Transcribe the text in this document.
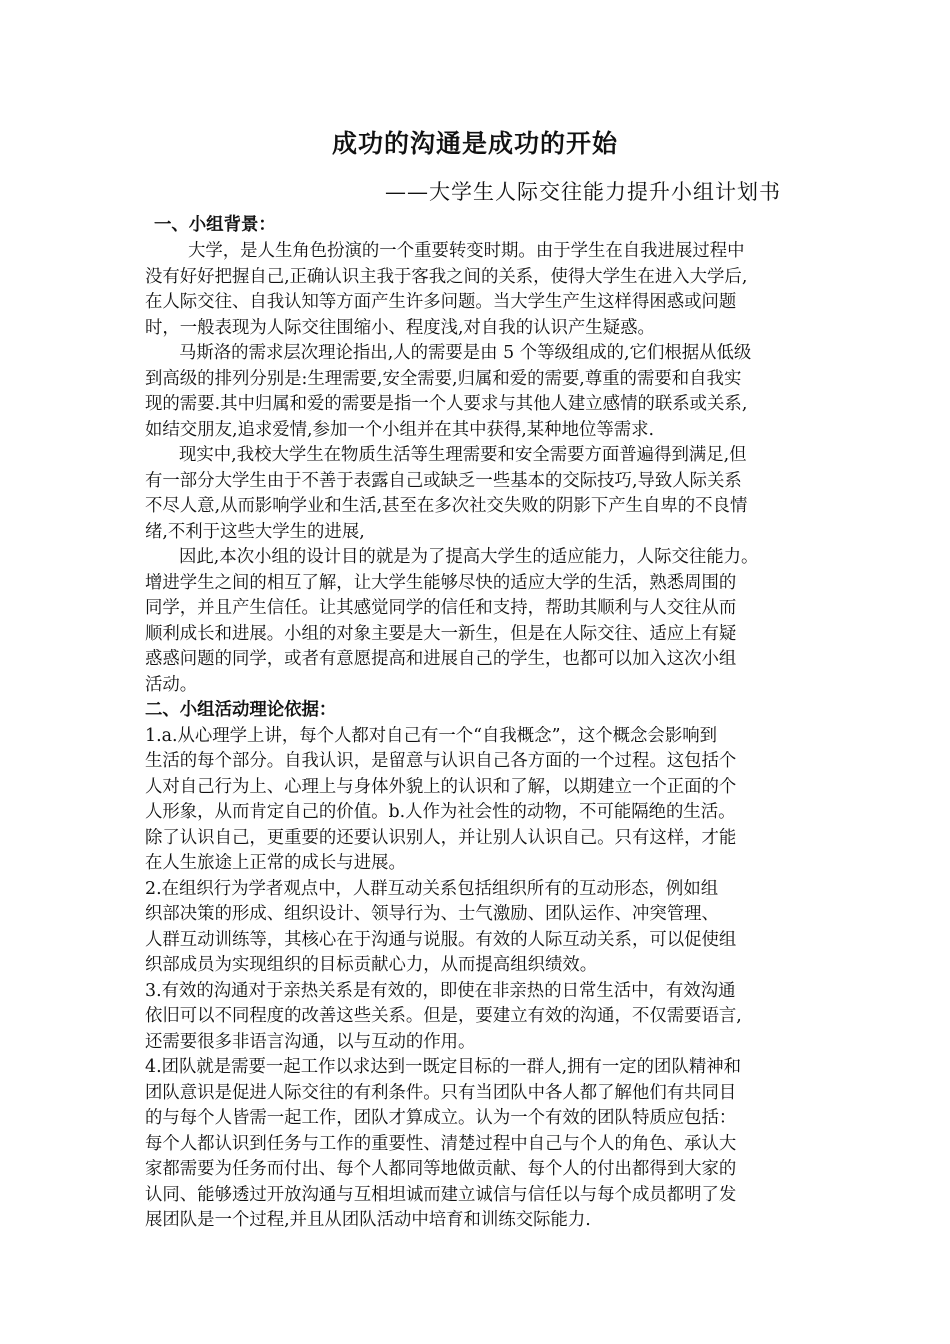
成功的沟通是成功的开始
——大学生人际交往能力提升小组计划书
一、小组背景：
大学，是人生角色扮演的一个重要转变时期。由于学生在自我进展过程中
没有好好把握自己,正确认识主我于客我之间的关系，使得大学生在进入大学后,
在人际交往、自我认知等方面产生许多问题。当大学生产生这样得困惑或问题
时，一般表现为人际交往围缩小、程度浅,对自我的认识产生疑惑。
马斯洛的需求层次理论指出,人的需要是由 5 个等级组成的,它们根据从低级
到高级的排列分别是:生理需要,安全需要,归属和爱的需要,尊重的需要和自我实
现的需要.其中归属和爱的需要是指一个人要求与其他人建立感情的联系或关系,
如结交朋友,追求爱情,参加一个小组并在其中获得,某种地位等需求.
现实中,我校大学生在物质生活等生理需要和安全需要方面普遍得到满足,但
有一部分大学生由于不善于表露自己或缺乏一些基本的交际技巧,导致人际关系
不尽人意,从而影响学业和生活,甚至在多次社交失败的阴影下产生自卑的不良情
绪,不利于这些大学生的进展,
因此,本次小组的设计目的就是为了提高大学生的适应能力，人际交往能力。
增进学生之间的相互了解，让大学生能够尽快的适应大学的生活，熟悉周围的
同学，并且产生信任。让其感觉同学的信任和支持，帮助其顺利与人交往从而
顺利成长和进展。小组的对象主要是大一新生，但是在人际交往、适应上有疑
惑惑问题的同学，或者有意愿提高和进展自己的学生，也都可以加入这次小组
活动。
二、小组活动理论依据：
1.a.从心理学上讲，每个人都对自己有一个“自我概念”，这个概念会影响到
生活的每个部分。自我认识，是留意与认识自己各方面的一个过程。这包括个
人对自己行为上、心理上与身体外貌上的认识和了解，以期建立一个正面的个
人形象，从而肯定自己的价值。b.人作为社会性的动物，不可能隔绝的生活。
除了认识自己，更重要的还要认识别人，并让别人认识自己。只有这样，才能
在人生旅途上正常的成长与进展。
2.在组织行为学者观点中，人群互动关系包括组织所有的互动形态，例如组
织部决策的形成、组织设计、领导行为、士气激励、团队运作、冲突管理、
人群互动训练等，其核心在于沟通与说服。有效的人际互动关系，可以促使组
织部成员为实现组织的目标贡献心力，从而提高组织绩效。
3.有效的沟通对于亲热关系是有效的，即使在非亲热的日常生活中，有效沟通
依旧可以不同程度的改善这些关系。但是，要建立有效的沟通，不仅需要语言,
还需要很多非语言沟通，以与互动的作用。
4.团队就是需要一起工作以求达到一既定目标的一群人,拥有一定的团队精神和
团队意识是促进人际交往的有利条件。只有当团队中各人都了解他们有共同目
的与每个人皆需一起工作，团队才算成立。认为一个有效的团队特质应包括：
每个人都认识到任务与工作的重要性、清楚过程中自己与个人的角色、承认大
家都需要为任务而付出、每个人都同等地做贡献、每个人的付出都得到大家的
认同、能够透过开放沟通与互相坦诚而建立诚信与信任以与每个成员都明了发
展团队是一个过程,并且从团队活动中培育和训练交际能力.
